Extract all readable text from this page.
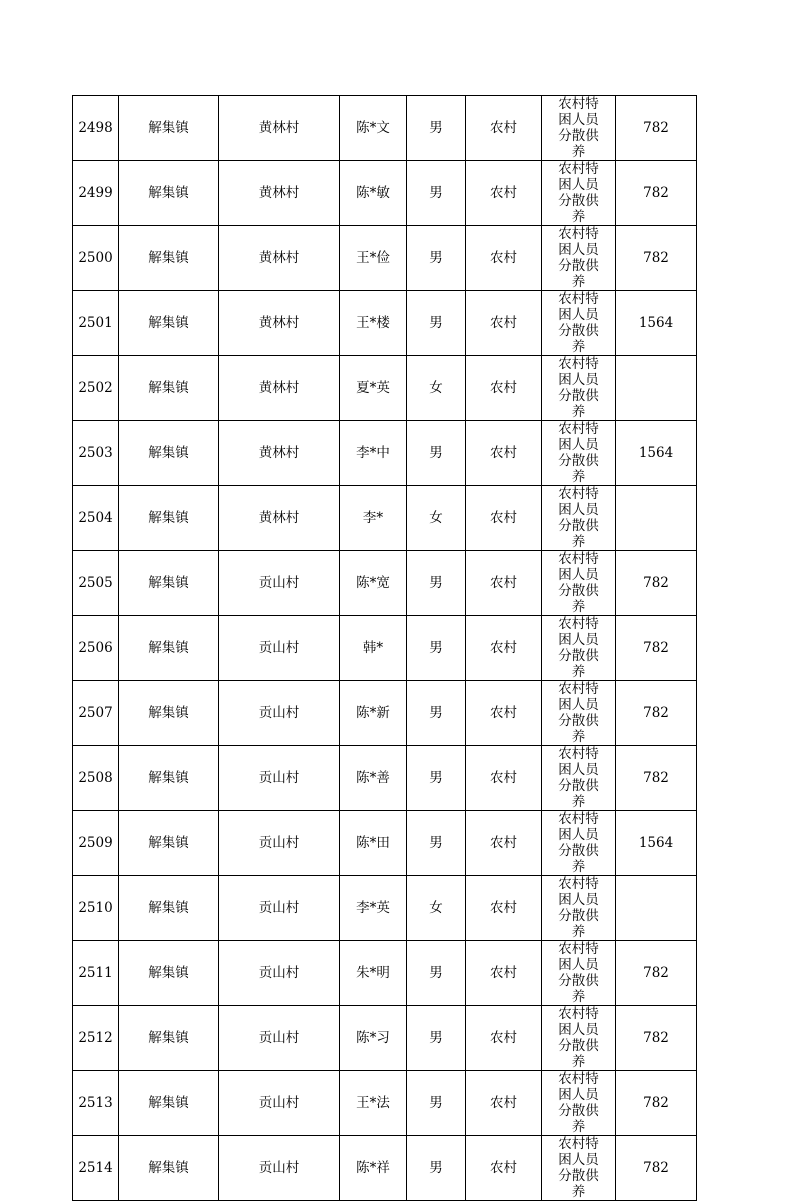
2498	解集镇	黄林村	陈*文	男	农村	农村特困人员分散供养	782
2499	解集镇	黄林村	陈*敏	男	农村	农村特困人员分散供养	782
2500	解集镇	黄林村	王*俭	男	农村	农村特困人员分散供养	782
2501	解集镇	黄林村	王*楼	男	农村	农村特困人员分散供养	1564
2502	解集镇	黄林村	夏*英	女	农村	农村特困人员分散供养	

2503	解集镇	黄林村	李*中	男	农村	农村特困人员分散供养	1564
2504	解集镇	黄林村	李*	女	农村	农村特困人员分散供养	

2505	解集镇	贡山村	陈*宽	男	农村	农村特困人员分散供养	782
2506	解集镇	贡山村	韩*	男	农村	农村特困人员分散供养	782
2507	解集镇	贡山村	陈*新	男	农村	农村特困人员分散供养	782
2508	解集镇	贡山村	陈*善	男	农村	农村特困人员分散供养	782
2509	解集镇	贡山村	陈*田	男	农村	农村特困人员分散供养	1564
2510	解集镇	贡山村	李*英	女	农村	农村特困人员分散供养	

2511	解集镇	贡山村	朱*明	男	农村	农村特困人员分散供养	782
2512	解集镇	贡山村	陈*习	男	农村	农村特困人员分散供养	782
2513	解集镇	贡山村	王*法	男	农村	农村特困人员分散供养	782
2514	解集镇	贡山村	陈*祥	男	农村	农村特困人员分散供养	782
